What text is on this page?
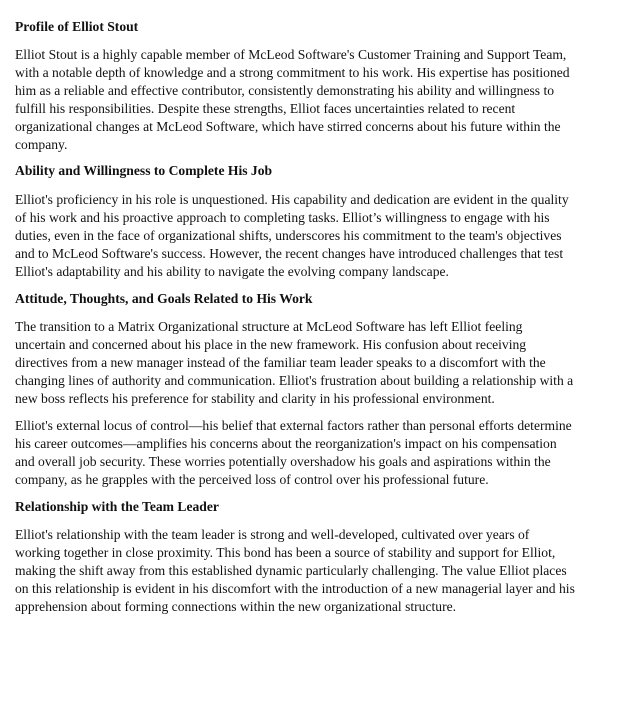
Profile of Elliot Stout

Elliot Stout is a highly capable member of McLeod Software's Customer Training and Support Team, with a notable depth of knowledge and a strong commitment to his work. His expertise has positioned him as a reliable and effective contributor, consistently demonstrating his ability and willingness to fulfill his responsibilities. Despite these strengths, Elliot faces uncertainties related to recent organizational changes at McLeod Software, which have stirred concerns about his future within the company.

Ability and Willingness to Complete His Job

Elliot's proficiency in his role is unquestioned. His capability and dedication are evident in the quality of his work and his proactive approach to completing tasks. Elliot’s willingness to engage with his duties, even in the face of organizational shifts, underscores his commitment to the team's objectives and to McLeod Software's success. However, the recent changes have introduced challenges that test Elliot's adaptability and his ability to navigate the evolving company landscape.

Attitude, Thoughts, and Goals Related to His Work

The transition to a Matrix Organizational structure at McLeod Software has left Elliot feeling uncertain and concerned about his place in the new framework. His confusion about receiving directives from a new manager instead of the familiar team leader speaks to a discomfort with the changing lines of authority and communication. Elliot's frustration about building a relationship with a new boss reflects his preference for stability and clarity in his professional environment.

Elliot's external locus of control—his belief that external factors rather than personal efforts determine his career outcomes—amplifies his concerns about the reorganization's impact on his compensation and overall job security. These worries potentially overshadow his goals and aspirations within the company, as he grapples with the perceived loss of control over his professional future.

Relationship with the Team Leader

Elliot's relationship with the team leader is strong and well-developed, cultivated over years of working together in close proximity. This bond has been a source of stability and support for Elliot, making the shift away from this established dynamic particularly challenging. The value Elliot places on this relationship is evident in his discomfort with the introduction of a new managerial layer and his apprehension about forming connections within the new organizational structure.
